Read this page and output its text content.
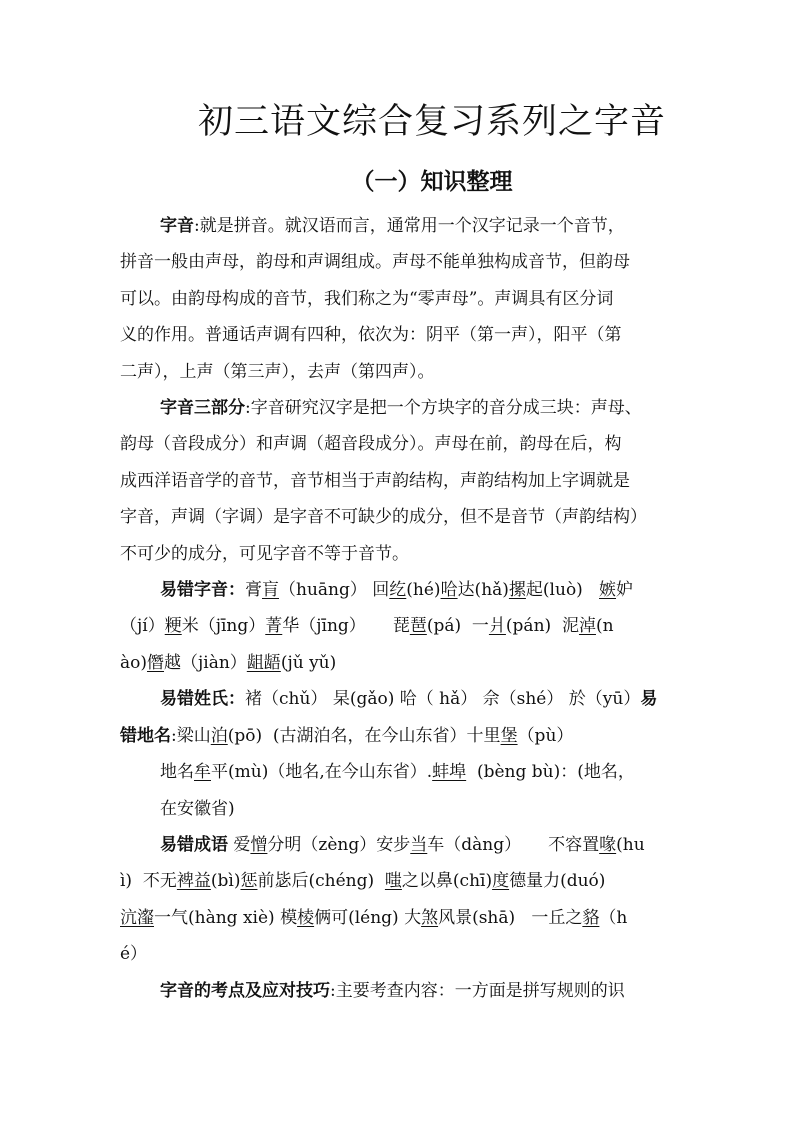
初三语文综合复习系列之字音
（一）知识整理
字音:就是拼音。就汉语而言，通常用一个汉字记录一个音节，
拼音一般由声母，韵母和声调组成。声母不能单独构成音节，但韵母
可以。由韵母构成的音节，我们称之为“零声母”。声调具有区分词
义的作用。普通话声调有四种，依次为：阴平（第一声），阳平（第
二声），上声（第三声），去声（第四声）。
字音三部分:字音研究汉字是把一个方块字的音分成三块：声母、
韵母（音段成分）和声调（超音段成分）。声母在前，韵母在后，构
成西洋语音学的音节，音节相当于声韵结构，声韵结构加上字调就是
字音，声调（字调）是字音不可缺少的成分，但不是音节（声韵结构）
不可少的成分，可见字音不等于音节。
易错字音：膏肓（huāng） 回纥(hé)哈达(hǎ)摞起(luò)   嫉妒
（jí）粳米（jīng）菁华（jīng）     琵琶(pá)  一爿(pán)  泥淖(n
ào)僭越（jiàn）龃龉(jǔ yǔ)
易错姓氏：褚（chǔ） 杲(gǎo) 哈（ hǎ） 佘（shé） 於（yū）易
错地名:梁山泊(pō)  (古湖泊名，在今山东省）十里堡（pù）
地名牟平(mù)（地名,在今山东省）.蚌埠  (bèng bù)：(地名，
在安徽省)
易错成语 爱憎分明（zèng）安步当车（dàng）     不容置喙(hu
ì)  不无裨益(bì)惩前毖后(chéng)  嗤之以鼻(chī)度德量力(duó)
沆瀣一气(hàng xiè) 模棱俩可(léng) 大煞风景(shā)   一丘之貉（h
é）
字音的考点及应对技巧:主要考查内容：一方面是拼写规则的识
